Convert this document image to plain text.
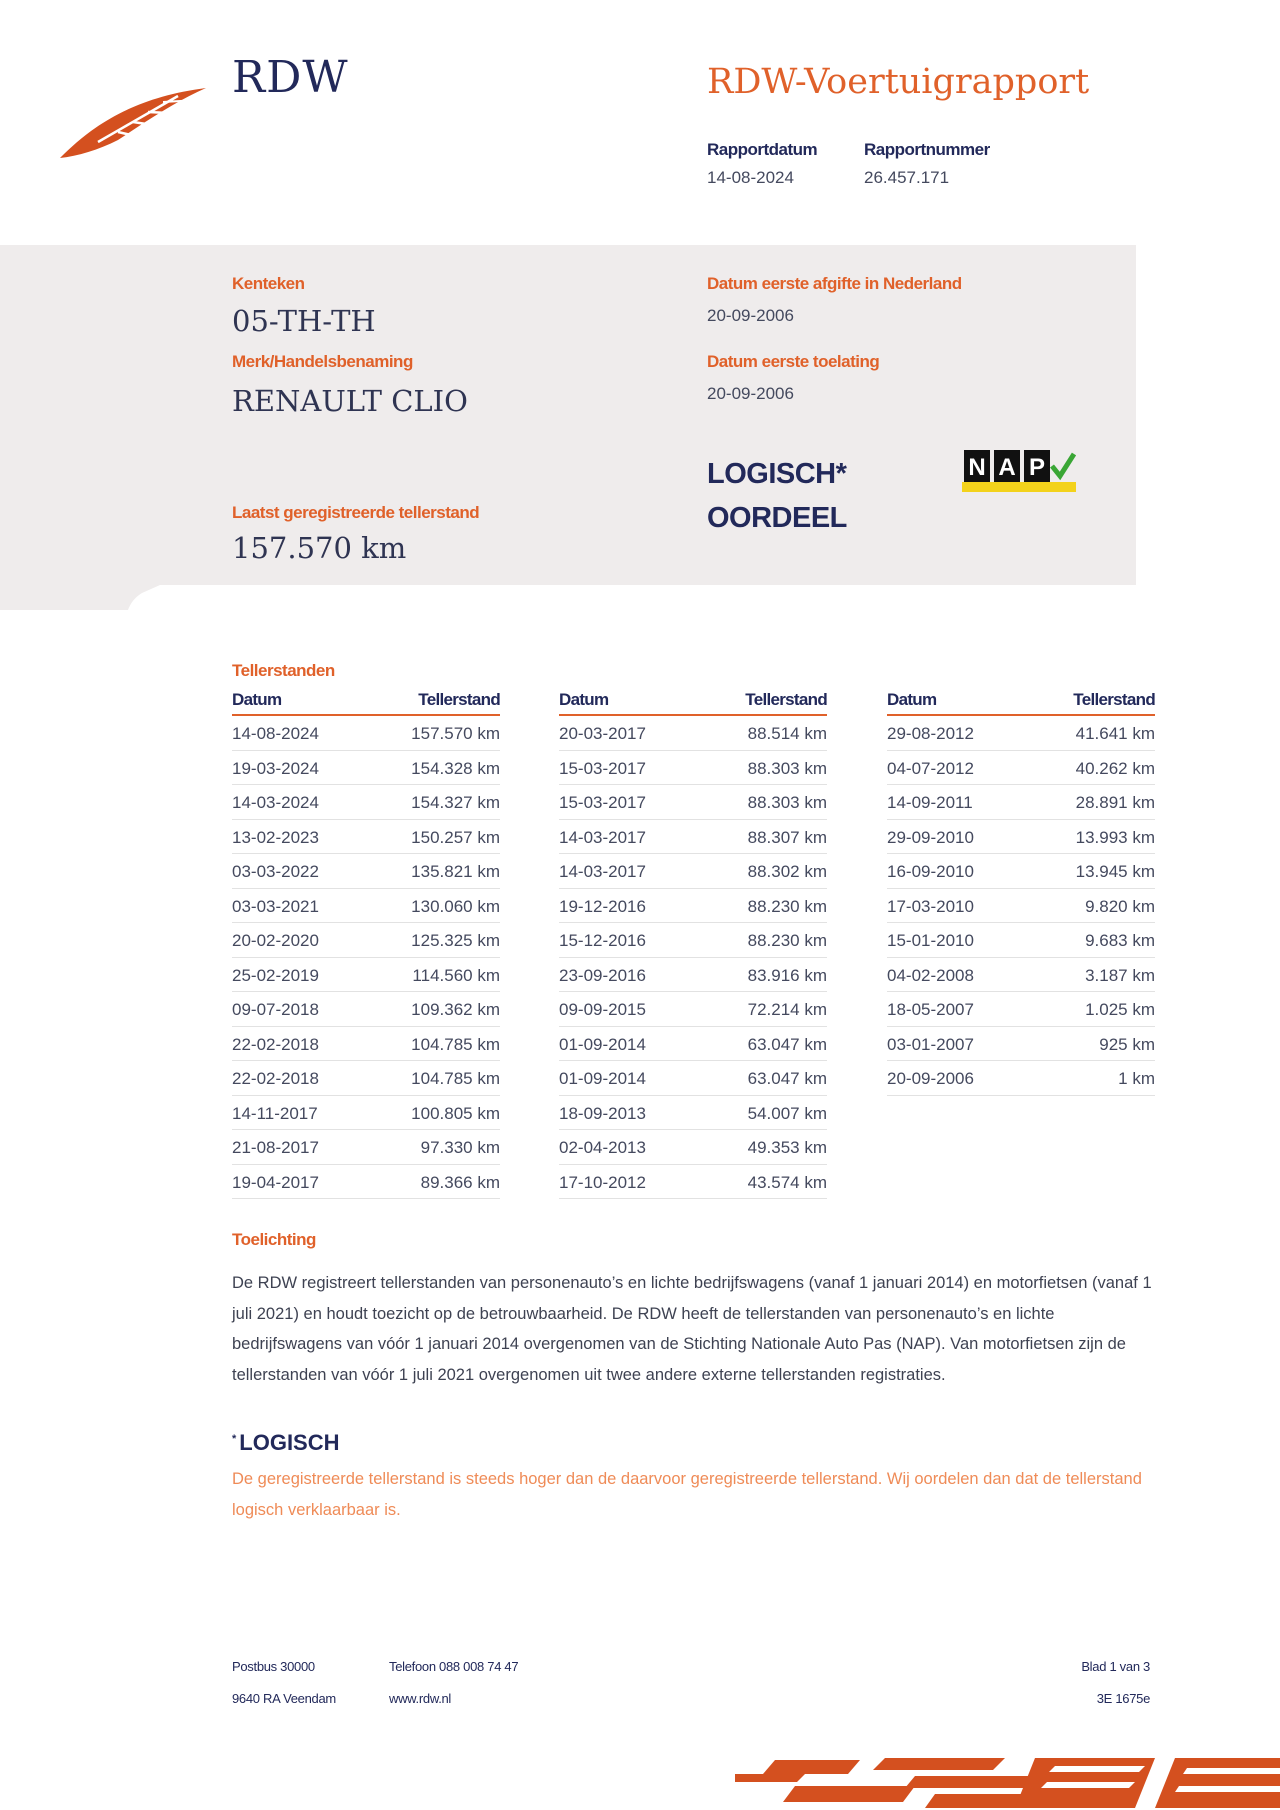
RDW	RDW-Voertuigrapport
Rapportdatum
14-08-2024
Rapportnummer
26.457.171
Kenteken
05-TH-TH
Merk/Handelsbenaming
RENAULT CLIO
Laatst geregistreerde tellerstand
157.570 km
Datum eerste afgifte in Nederland
20-09-2006
Datum eerste toelating
20-09-2006
LOGISCH*
OORDEEL
N A P
Tellerstanden
Datum	Tellerstand
14-08-2024	157.570 km
19-03-2024	154.328 km
14-03-2024	154.327 km
13-02-2023	150.257 km
03-03-2022	135.821 km
03-03-2021	130.060 km
20-02-2020	125.325 km
25-02-2019	114.560 km
09-07-2018	109.362 km
22-02-2018	104.785 km
22-02-2018	104.785 km
14-11-2017	100.805 km
21-08-2017	97.330 km
19-04-2017	89.366 km
Datum	Tellerstand
20-03-2017	88.514 km
15-03-2017	88.303 km
15-03-2017	88.303 km
14-03-2017	88.307 km
14-03-2017	88.302 km
19-12-2016	88.230 km
15-12-2016	88.230 km
23-09-2016	83.916 km
09-09-2015	72.214 km
01-09-2014	63.047 km
01-09-2014	63.047 km
18-09-2013	54.007 km
02-04-2013	49.353 km
17-10-2012	43.574 km
Datum	Tellerstand
29-08-2012	41.641 km
04-07-2012	40.262 km
14-09-2011	28.891 km
29-09-2010	13.993 km
16-09-2010	13.945 km
17-03-2010	9.820 km
15-01-2010	9.683 km
04-02-2008	3.187 km
18-05-2007	1.025 km
03-01-2007	925 km
20-09-2006	1 km
Toelichting
De RDW registreert tellerstanden van personenauto’s en lichte bedrijfswagens (vanaf 1 januari 2014) en motorfietsen (vanaf 1 juli 2021) en houdt toezicht op de betrouwbaarheid. De RDW heeft de tellerstanden van personenauto’s en lichte bedrijfswagens van vóór 1 januari 2014 overgenomen van de Stichting Nationale Auto Pas (NAP). Van motorfietsen zijn de tellerstanden van vóór 1 juli 2021 overgenomen uit twee andere externe tellerstanden registraties.
* LOGISCH
De geregistreerde tellerstand is steeds hoger dan de daarvoor geregistreerde tellerstand. Wij oordelen dan dat de tellerstand logisch verklaarbaar is.
Postbus 30000
9640 RA Veendam
Telefoon 088 008 74 47
www.rdw.nl
Blad 1 van 3
3E 1675e
